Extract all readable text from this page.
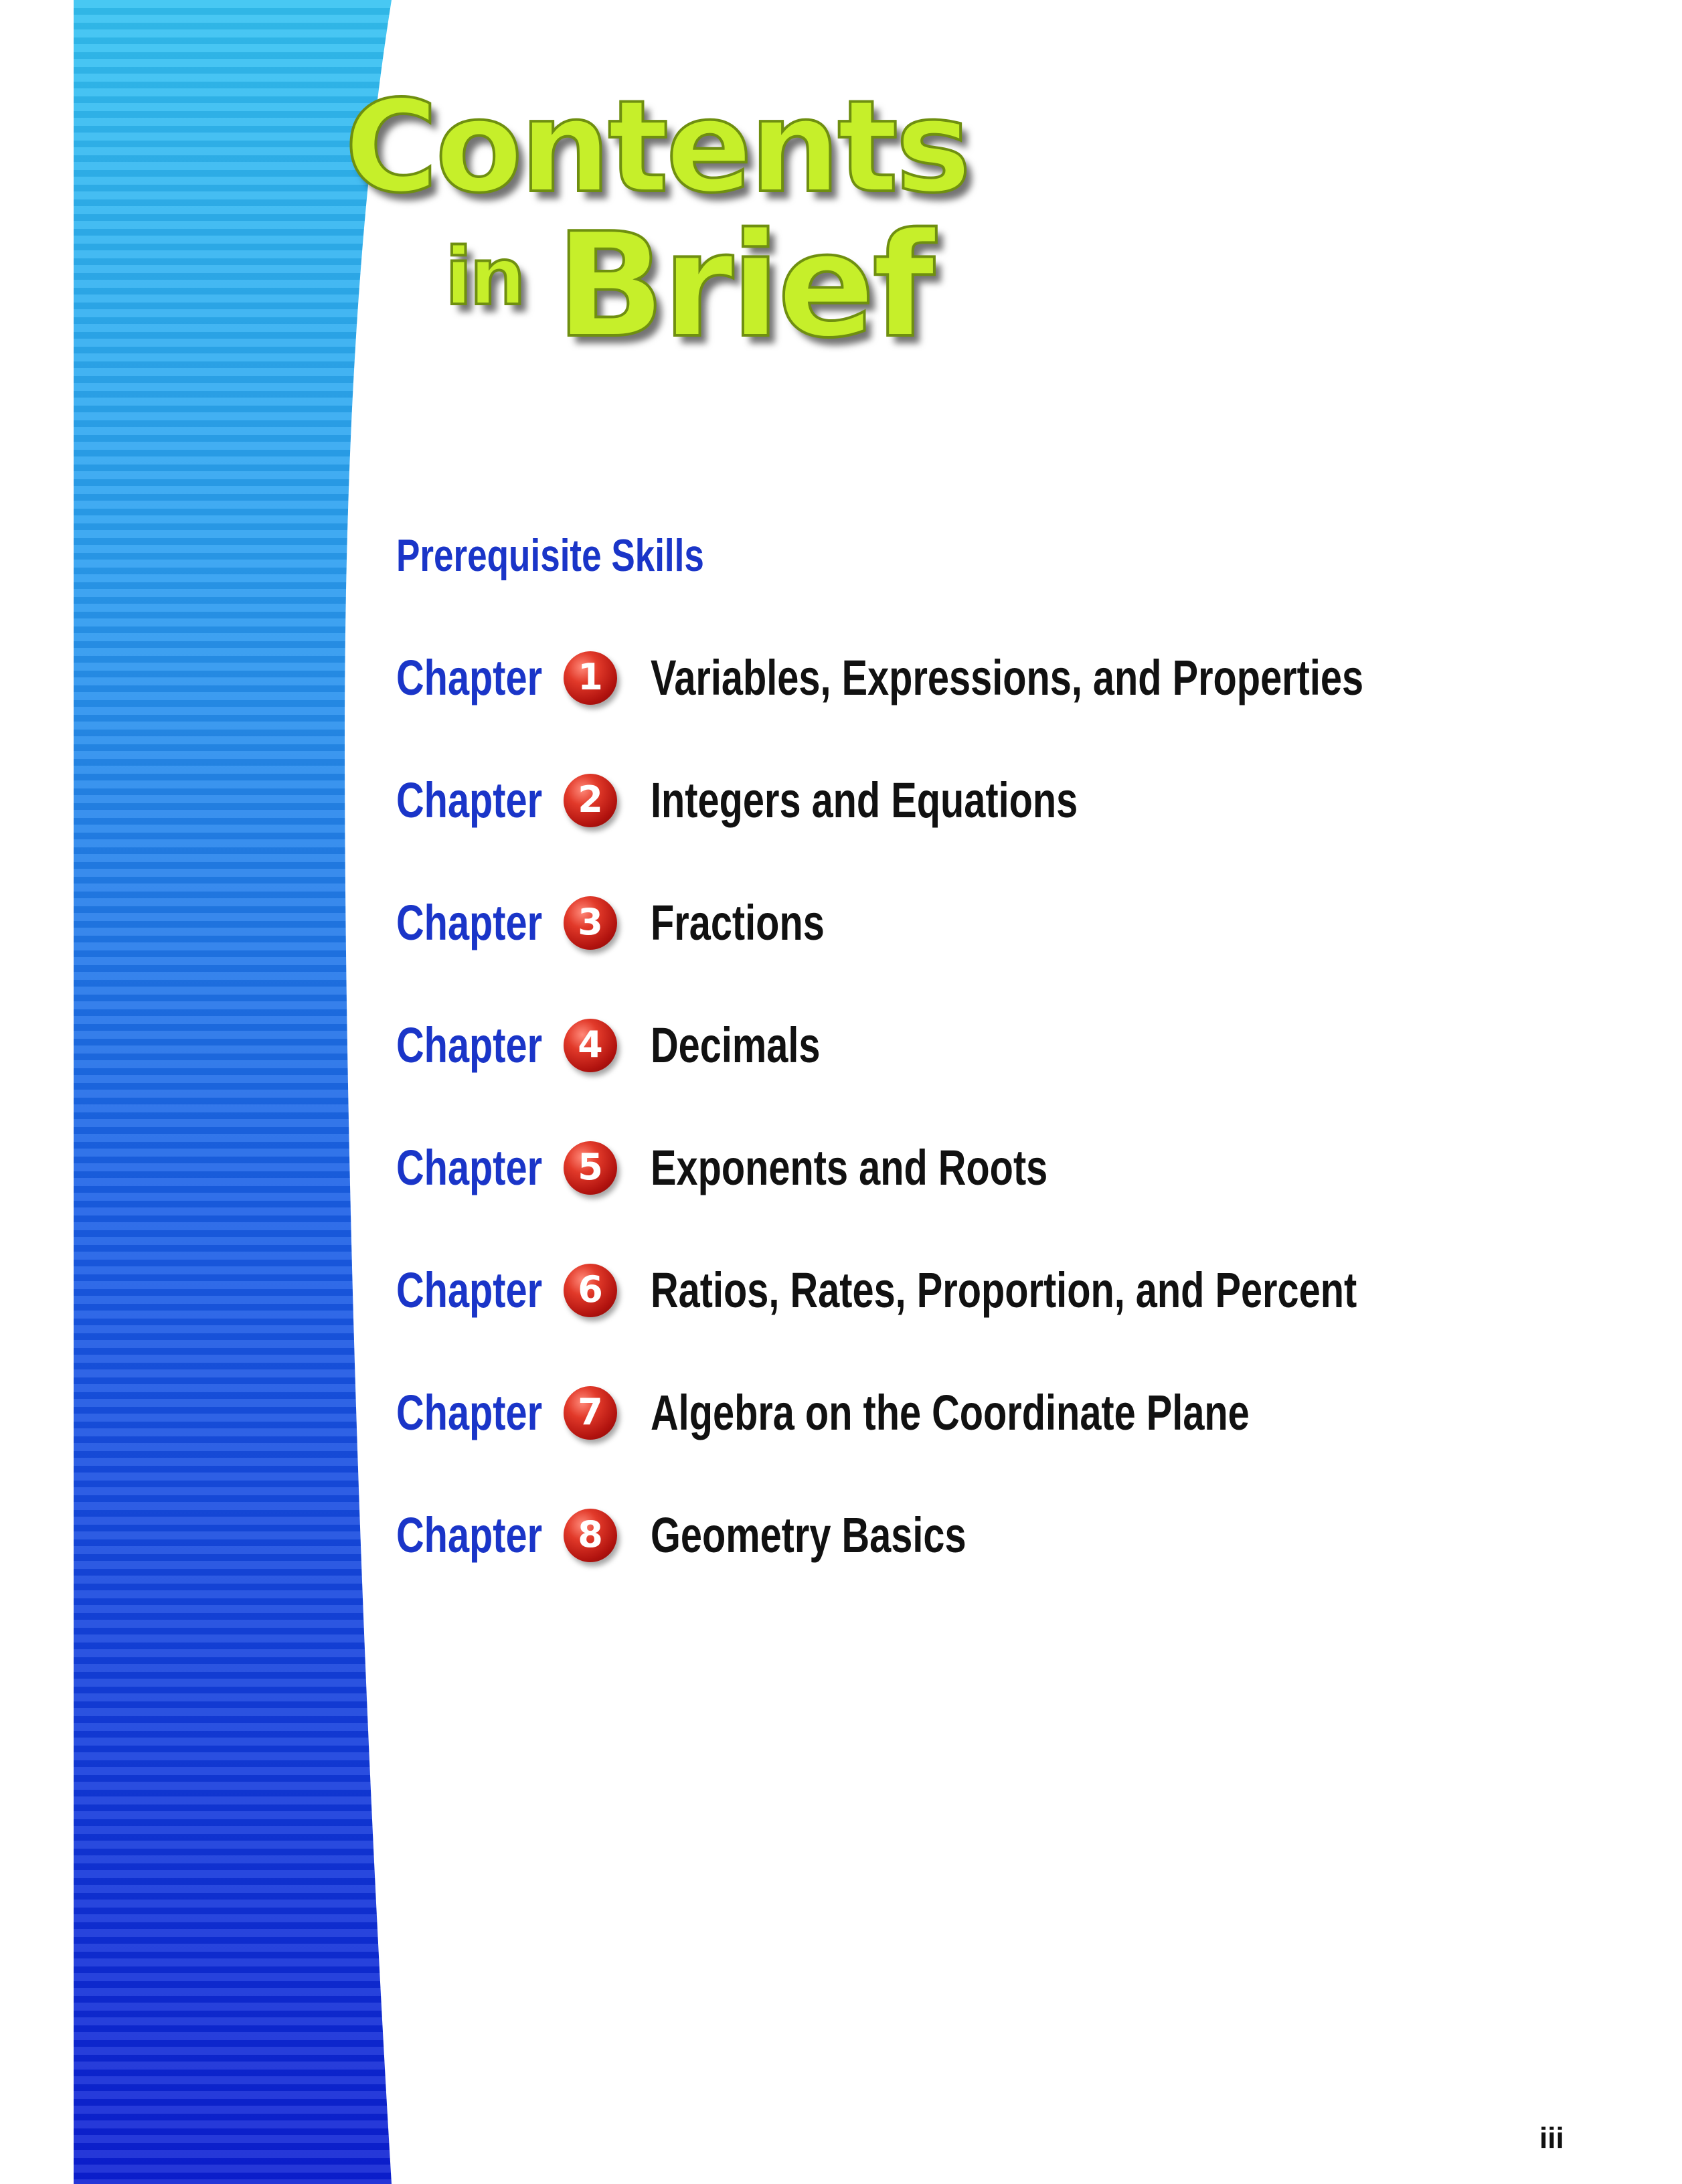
Contents
in Brief
Prerequisite Skills
Chapter 1 Variables, Expressions, and Properties
Chapter 2 Integers and Equations
Chapter 3 Fractions
Chapter 4 Decimals
Chapter 5 Exponents and Roots
Chapter 6 Ratios, Rates, Proportion, and Percent
Chapter 7 Algebra on the Coordinate Plane
Chapter 8 Geometry Basics
iii
